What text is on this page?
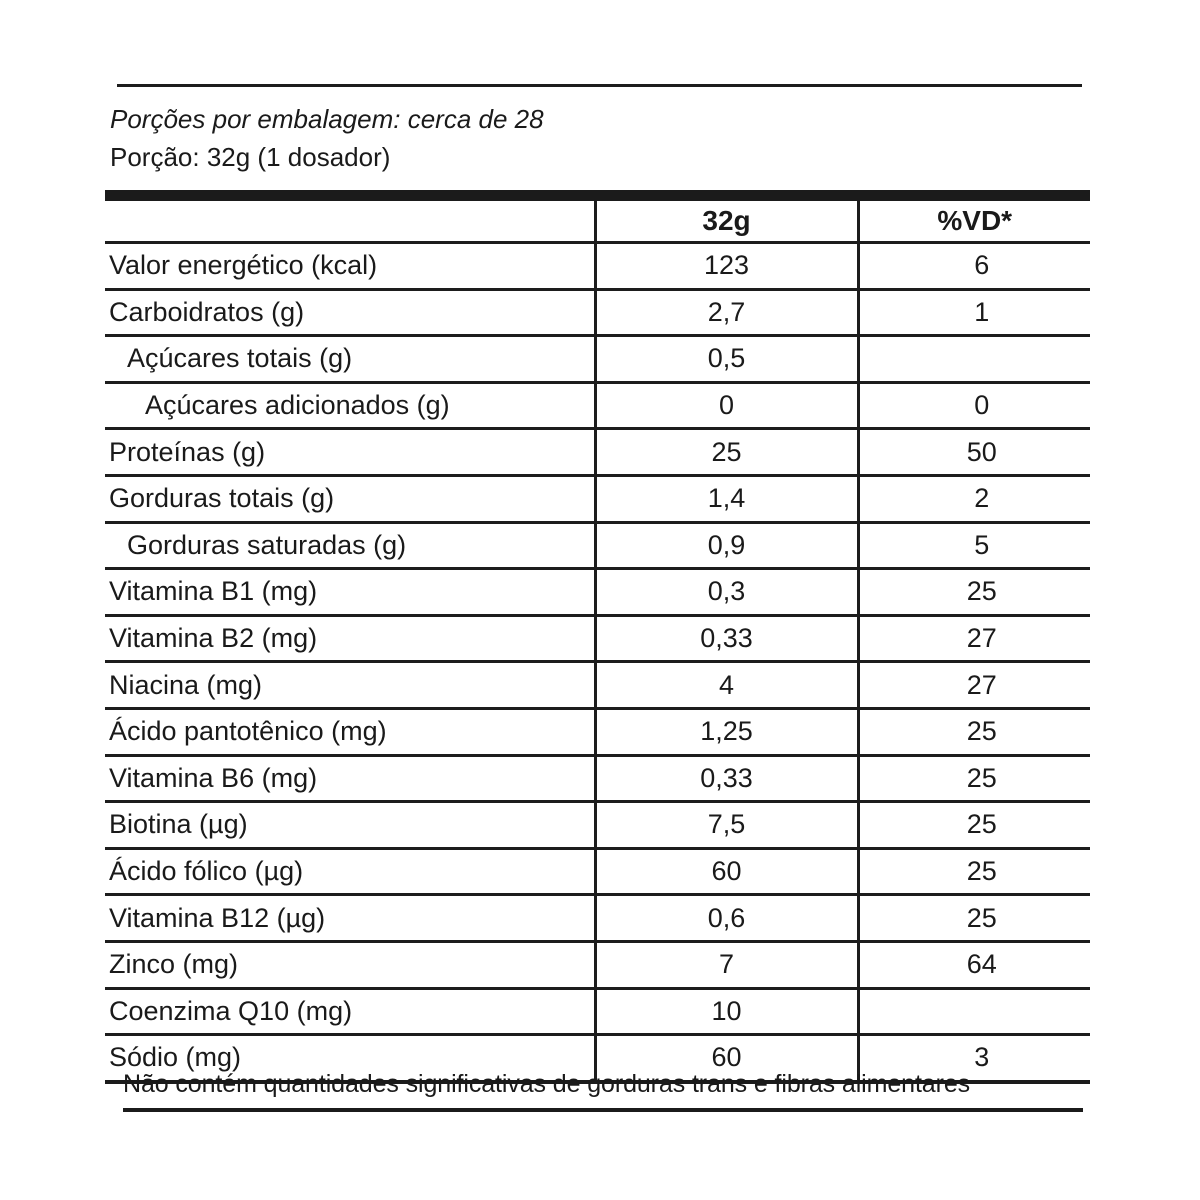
Porções por embalagem: cerca de 28
Porção: 32g (1 dosador)
	32g	%VD*
Valor energético (kcal)	123	6
Carboidratos (g)	2,7	1
Açúcares totais (g)	0,5	
Açúcares adicionados (g)	0	0
Proteínas (g)	25	50
Gorduras totais (g)	1,4	2
Gorduras saturadas (g)	0,9	5
Vitamina B1 (mg)	0,3	25
Vitamina B2 (mg)	0,33	27
Niacina (mg)	4	27
Ácido pantotênico (mg)	1,25	25
Vitamina B6 (mg)	0,33	25
Biotina (µg)	7,5	25
Ácido fólico (µg)	60	25
Vitamina B12 (µg)	0,6	25
Zinco (mg)	7	64
Coenzima Q10 (mg)	10	
Sódio (mg)	60	3
Não contém quantidades significativas de gorduras trans e fibras alimentares
